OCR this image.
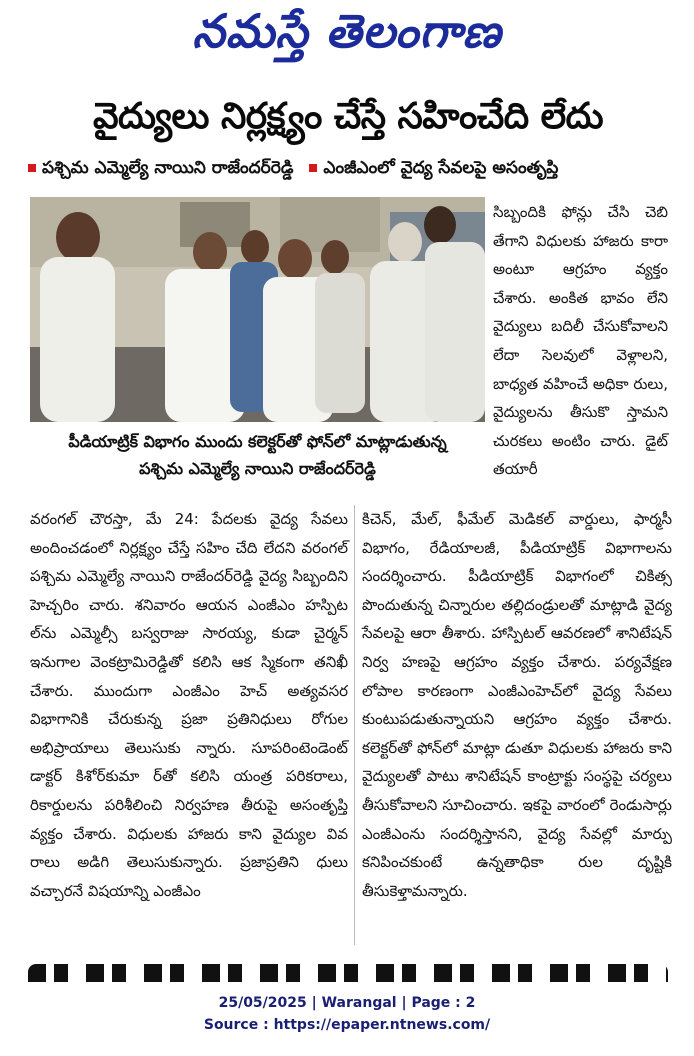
నమస్తే తెలంగాణ
వైద్యులు నిర్లక్ష్యం చేస్తే సహించేది లేదు
పశ్చిమ ఎమ్మెల్యే నాయిని రాజేందర్‌రెడ్డి	ఎంజీఎంలో వైద్య సేవలపై అసంతృప్తి
పీడియాట్రిక్ విభాగం ముందు కలెక్టర్‌తో ఫోన్‌లో మాట్లాడుతున్న
పశ్చిమ ఎమ్మెల్యే నాయిని రాజేందర్‌రెడ్డి

సిబ్బందికి ఫోన్లు చేసి చెబి తేగాని విధులకు హాజరు కారా అంటూ ఆగ్రహం వ్యక్తం చేశారు. అంకిత భావం లేని వైద్యులు బదిలీ చేసుకోవాలని లేదా సెలవులో వెళ్లాలని, బాధ్యత వహించే అధికా రులు, వైద్యులను తీసుకొ స్తామని చురకలు అంటిం చారు. డైట్ తయారీ

వరంగల్ చౌరస్తా, మే 24: పేదలకు వైద్య సేవలు అందించడంలో నిర్లక్ష్యం చేస్తే సహిం చేది లేదని వరంగల్ పశ్చిమ ఎమ్మెల్యే నాయిని రాజేందర్‌రెడ్డి వైద్య సిబ్బందిని హెచ్చరిం చారు. శనివారం ఆయన ఎంజీఎం హస్పిట ల్‌ను ఎమ్మెల్సీ బస్వరాజు సారయ్య, కుడా చైర్మన్ ఇనుగాల వెంకట్రామిరెడ్డితో కలిసి ఆక స్మికంగా తనిఖీ చేశారు. ముందుగా ఎంజీఎం హెచ్ అత్యవసర విభాగానికి చేరుకున్న ప్రజా ప్రతినిధులు రోగుల అభిప్రాయాలు తెలుసుకు న్నారు. సూపరింటెండెంట్ డాక్టర్ కిశోర్‌కుమా ర్‌తో కలిసి యంత్ర పరికరాలు, రికార్డులను పరిశీలించి నిర్వహణ తీరుపై అసంతృప్తి వ్యక్తం చేశారు. విధులకు హాజరు కాని వైద్యుల వివ రాలు అడిగి తెలుసుకున్నారు. ప్రజాప్రతిని ధులు వచ్చారనే విషయాన్ని ఎంజీఎం

కిచెన్, మేల్, ఫీమేల్ మెడికల్ వార్డులు, ఫార్మసీ విభాగం, రేడియాలజీ, పీడియాట్రిక్ విభాగాలను సందర్శించారు. పీడియాట్రిక్ విభాగంలో చికిత్స పొందుతున్న చిన్నారుల తల్లిదండ్రులతో మాట్లాడి వైద్య సేవలపై ఆరా తీశారు. హాస్పిటల్ ఆవరణలో శానిటేషన్ నిర్వ హణపై ఆగ్రహం వ్యక్తం చేశారు. పర్యవేక్షణ లోపాల కారణంగా ఎంజీఎంహెచ్‌లో వైద్య సేవలు కుంటుపడుతున్నాయని ఆగ్రహం వ్యక్తం చేశారు. కలెక్టర్‌తో ఫోన్‌లో మాట్లా డుతూ విధులకు హాజరు కాని వైద్యులతో పాటు శానిటేషన్ కాంట్రాక్టు సంస్థపై చర్యలు తీసుకోవాలని సూచించారు. ఇకపై వారంలో రెండుసార్లు ఎంజీఎంను సందర్శిస్తానని, వైద్య సేవల్లో మార్పు కనిపించకుంటే ఉన్నతాధికా రుల దృష్టికి తీసుకెళ్తామన్నారు.

25/05/2025 | Warangal | Page : 2
Source : https://epaper.ntnews.com/
